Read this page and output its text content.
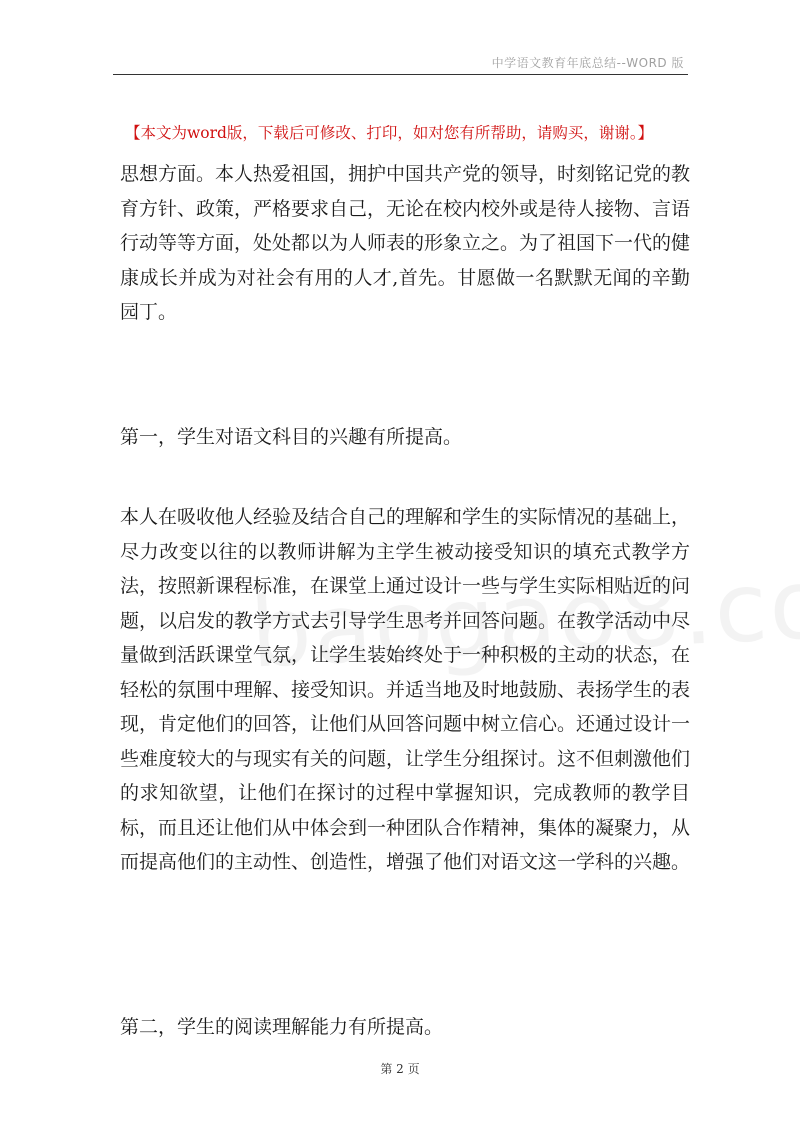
中学语文教育年底总结--WORD 版
【本文为word版，下载后可修改、打印，如对您有所帮助，请购买，谢谢。】

思想方面。本人热爱祖国，拥护中国共产党的领导，时刻铭记党的教育方针、政策，严格要求自己，无论在校内校外或是待人接物、言语行动等等方面，处处都以为人师表的形象立之。为了祖国下一代的健康成长并成为对社会有用的人才,首先。甘愿做一名默默无闻的辛勤园丁。

第一，学生对语文科目的兴趣有所提高。

本人在吸收他人经验及结合自己的理解和学生的实际情况的基础上，尽力改变以往的以教师讲解为主学生被动接受知识的填充式教学方法，按照新课程标准，在课堂上通过设计一些与学生实际相贴近的问题，以启发的教学方式去引导学生思考并回答问题。在教学活动中尽量做到活跃课堂气氛，让学生装始终处于一种积极的主动的状态，在轻松的氛围中理解、接受知识。并适当地及时地鼓励、表扬学生的表现，肯定他们的回答，让他们从回答问题中树立信心。还通过设计一些难度较大的与现实有关的问题，让学生分组探讨。这不但刺激他们的求知欲望，让他们在探讨的过程中掌握知识，完成教师的教学目标，而且还让他们从中体会到一种团队合作精神，集体的凝聚力，从而提高他们的主动性、创造性，增强了他们对语文这一学科的兴趣。

第二，学生的阅读理解能力有所提高。

第 2 页
